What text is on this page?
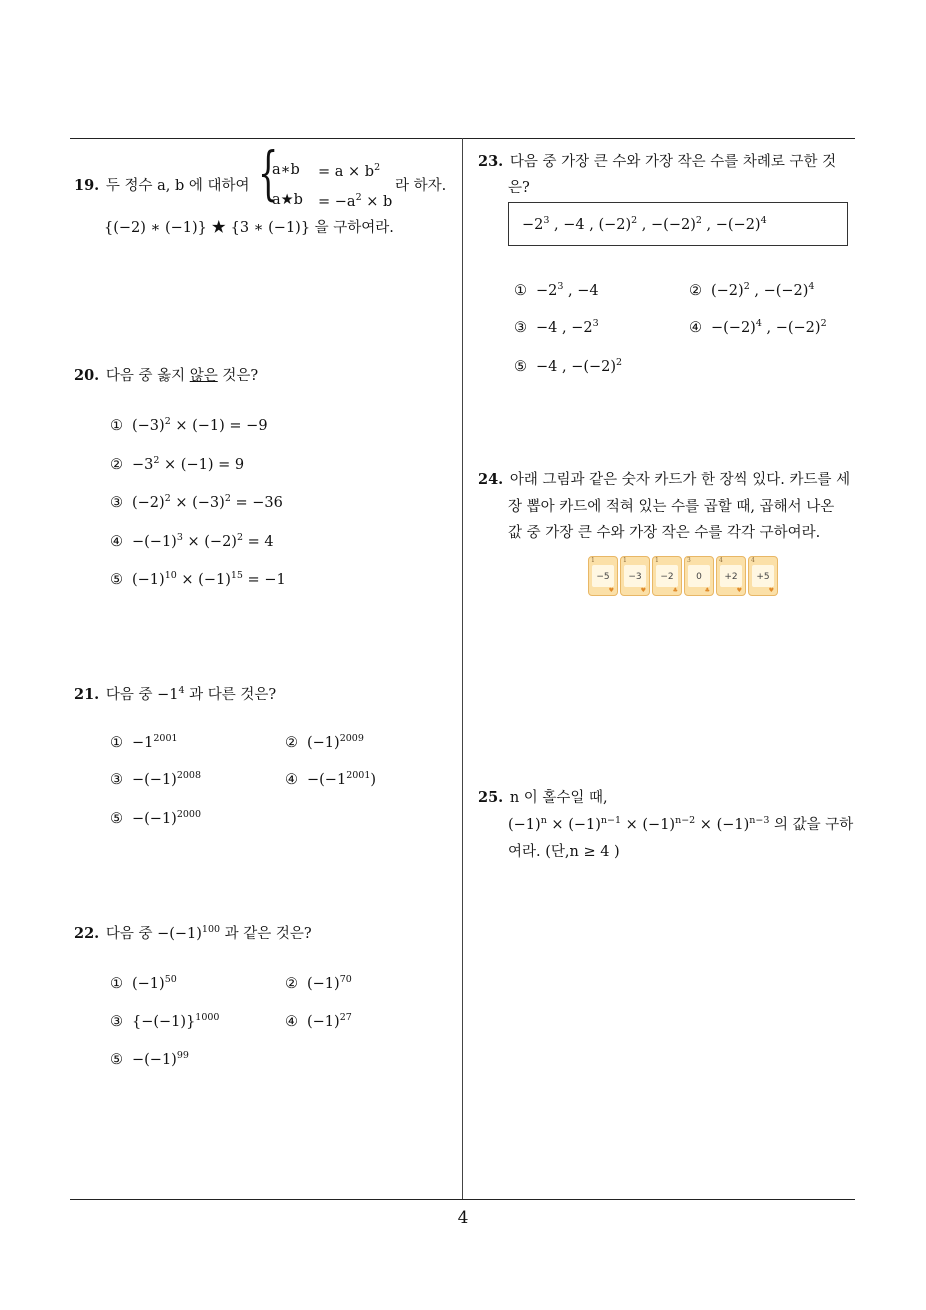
19. 두 정수 a, b 에 대하여 {
a∗b = $a \times b^2$
a★b = $-a^2 \times b$
라 하자.
{(−2) ∗ (−1)} ★ {3 ∗ (−1)} 을 구하여라.
20. 다음 중 옳지 않은 것은?
① $(-3)^2 \times (-1) = -9$
② $-3^2 \times (-1) = 9$
③ $(-2)^2 \times (-3)^2 = -36$
④ $-(-1)^3 \times (-2)^2 = 4$
⑤ $(-1)^{10} \times (-1)^{15} = -1$
21. 다음 중 $-1^4$ 과 다른 것은?
① $-1^{2001}$	② $(-1)^{2009}$
③ $-(-1)^{2008}$	④ $-(-1^{2001})$
⑤ $-(-1)^{2000}$
22. 다음 중 $-(-1)^{100}$ 과 같은 것은?
① $(-1)^{50}$	② $(-1)^{70}$
③ $\{-(-1)\}^{1000}$	④ $(-1)^{27}$
⑤ $-(-1)^{99}$
23. 다음 중 가장 큰 수와 가장 작은 수를 차례로 구한 것
은?
$-2^3$ , −4 , $(-2)^2$ , $-(-2)^2$ , $-(-2)^4$
① $-2^3$ , −4	② $(-2)^2$ , $-(-2)^4$
③ −4 , $-2^3$	④ $-(-2)^4$ , $-(-2)^2$
⑤ −4 , $-(-2)^2$
24. 아래 그림과 같은 숫자 카드가 한 장씩 있다. 카드를 세
장 뽑아 카드에 적혀 있는 수를 곱할 때, 곱해서 나온
값 중 가장 큰 수와 가장 작은 수를 각각 구하여라.
1
−5
♥
1
−3
♥
1
−2
♣
3
0
♣
4
+2
♥
4
+5
♥
25. n 이 홀수일 때,
$(-1)^n \times (-1)^{n-1} \times (-1)^{n-2} \times (-1)^{n-3}$ 의 값을 구하
여라. (단,n ≥ 4 )
4
